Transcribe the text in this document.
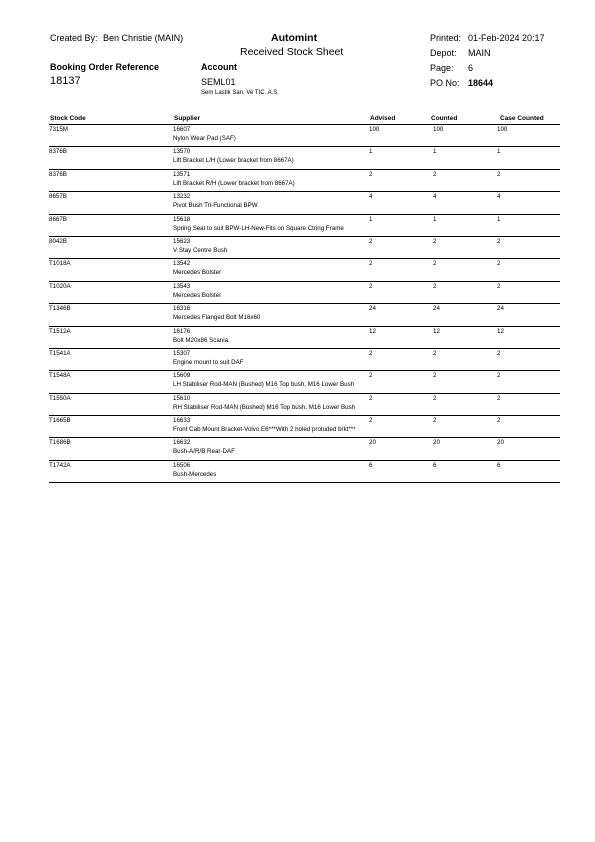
Created By: Ben Christie (MAIN)	Automint
Received Stock Sheet
Printed: 01-Feb-2024 20:17
Depot: MAIN
Page: 6
PO No: 18644
Booking Order Reference
18137
Account
SEML01
Sem Lastik San. Ve TIC. A.S.
Stock Code	Supplier	Advised	Counted	Case Counted
7315M	16607
Nylon Wear Pad (SAF)	100	100	100
8376B	13570
Lift Bracket L/H (Lower bracket from 8667A)	1	1	1
8376B	13571
Lift Bracket R/H (Lower bracket from 8667A)	2	2	2
8657B	13232
Pivot Bush Tri-Functional BPW	4	4	4
8667B	15618
Spring Seat to suit BPW-LH-New-Fits on Square Ctring Frame	1	1	1
8042B	15623
V Stay Centre Bush	2	2	2
T1018A	13542
Mercedes Bolster	2	2	2
T1020A	13543
Mercedes Bolster	2	2	2
T1346B	16316
Mercedes Flanged Bolt M16x60	24	24	24
T1512A	16176
Bolt M20x86 Scania.	12	12	12
T1541A	15307
Engine mount to suit DAF	2	2	2
T1548A	15609
LH Stabiliser Rod-MAN (Bushed) M16 Top bush, M16 Lower Bush	2	2	2
T1550A	15610
RH Stabiliser Rod-MAN (Bushed) M16 Top bush, M16 Lower Bush	2	2	2
T1665B	16633
Front Cab Mount Bracket-Volvo E6***With 2 holed protuded brkt***	2	2	2
T1686B	16632
Bush-A/R/B Rear-DAF	20	20	20
T1742A	16506
Bush-Mercedes	6	6	6
